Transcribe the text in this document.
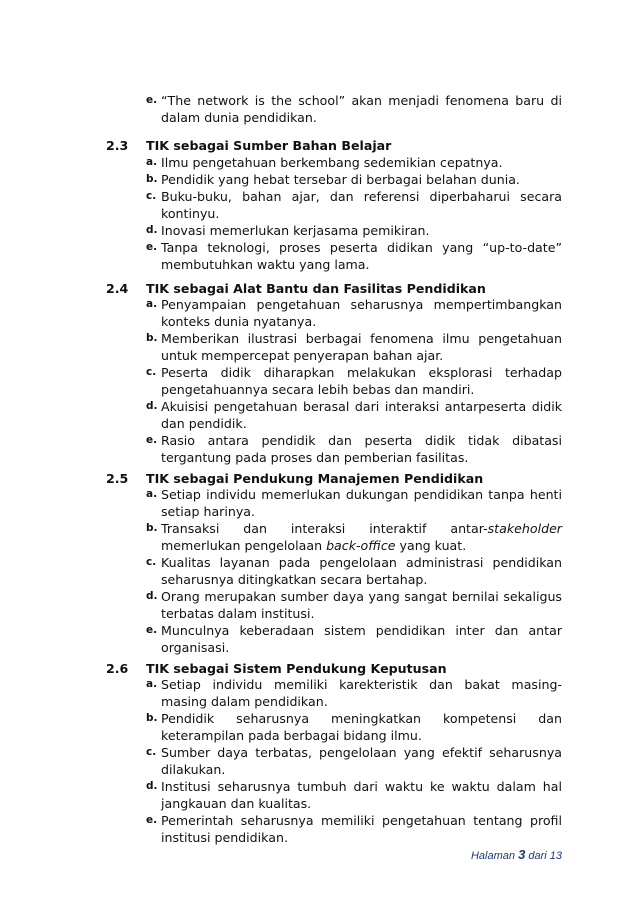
e. “The network is the school” akan menjadi fenomena baru di dalam dunia pendidikan.
2.3 TIK sebagai Sumber Bahan Belajar
a. Ilmu pengetahuan berkembang sedemikian cepatnya.
b. Pendidik yang hebat tersebar di berbagai belahan dunia.
c. Buku-buku, bahan ajar, dan referensi diperbaharui secara kontinyu.
d. Inovasi memerlukan kerjasama pemikiran.
e. Tanpa teknologi, proses peserta didikan yang “up-to-date” membutuhkan waktu yang lama.
2.4 TIK sebagai Alat Bantu dan Fasilitas Pendidikan
a. Penyampaian pengetahuan seharusnya mempertimbangkan konteks dunia nyatanya.
b. Memberikan ilustrasi berbagai fenomena ilmu pengetahuan untuk mempercepat penyerapan bahan ajar.
c. Peserta didik diharapkan melakukan eksplorasi terhadap pengetahuannya secara lebih bebas dan mandiri.
d. Akuisisi pengetahuan berasal dari interaksi antarpeserta didik dan pendidik.
e. Rasio antara pendidik dan peserta didik tidak dibatasi tergantung pada proses dan pemberian fasilitas.
2.5 TIK sebagai Pendukung Manajemen Pendidikan
a. Setiap individu memerlukan dukungan pendidikan tanpa henti setiap harinya.
b. Transaksi dan interaksi interaktif antar-stakeholder memerlukan pengelolaan back-office yang kuat.
c. Kualitas layanan pada pengelolaan administrasi pendidikan seharusnya ditingkatkan secara bertahap.
d. Orang merupakan sumber daya yang sangat bernilai sekaligus terbatas dalam institusi.
e. Munculnya keberadaan sistem pendidikan inter dan antar organisasi.
2.6 TIK sebagai Sistem Pendukung Keputusan
a. Setiap individu memiliki karekteristik dan bakat masing-masing dalam pendidikan.
b. Pendidik seharusnya meningkatkan kompetensi dan keterampilan pada berbagai bidang ilmu.
c. Sumber daya terbatas, pengelolaan yang efektif seharusnya dilakukan.
d. Institusi seharusnya tumbuh dari waktu ke waktu dalam hal jangkauan dan kualitas.
e. Pemerintah seharusnya memiliki pengetahuan tentang profil institusi pendidikan.
Halaman 3 dari 13
